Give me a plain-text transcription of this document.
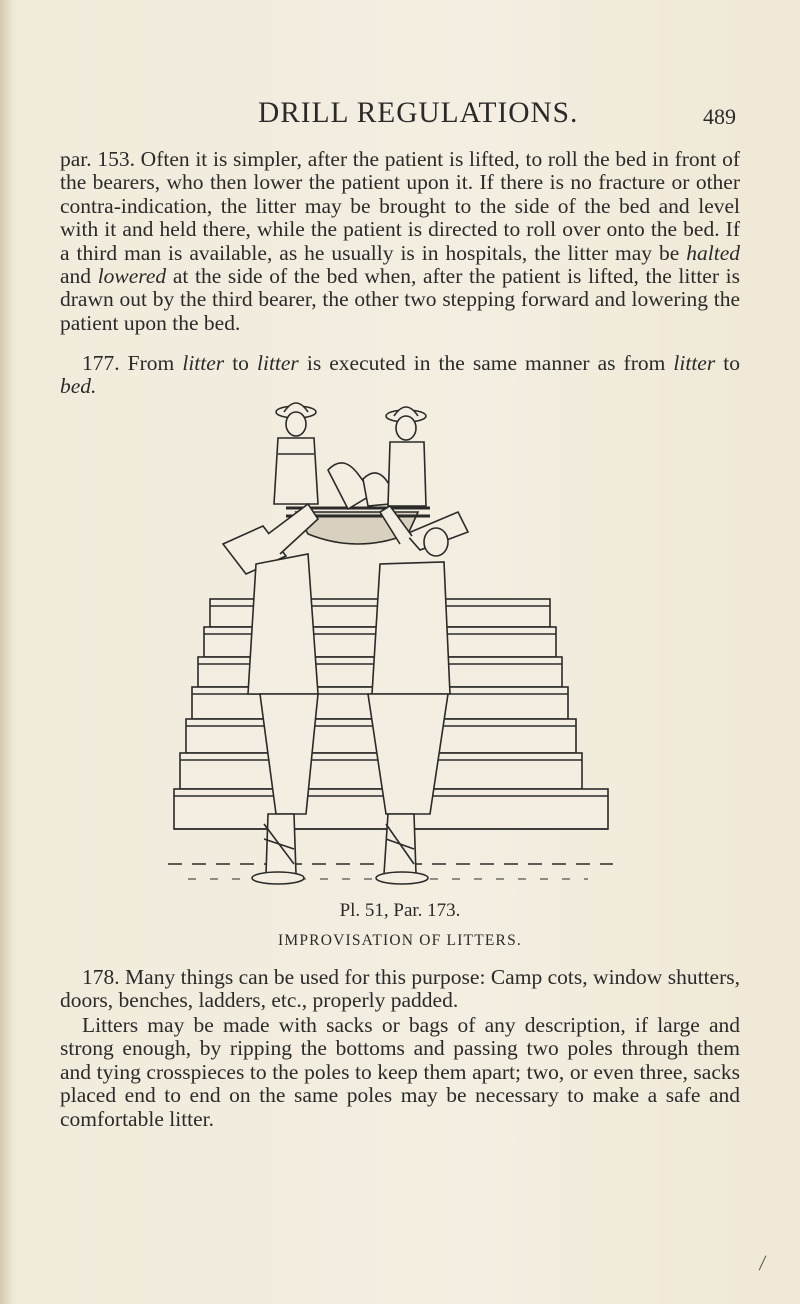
DRILL REGULATIONS.	489

par. 153. Often it is simpler, after the patient is lifted, to roll the bed in front of the bearers, who then lower the patient upon it. If there is no fracture or other contra-indication, the litter may be brought to the side of the bed and level with it and held there, while the patient is directed to roll over onto the bed. If a third man is available, as he usually is in hospitals, the litter may be halted and lowered at the side of the bed when, after the patient is lifted, the litter is drawn out by the third bearer, the other two stepping forward and lowering the patient upon the bed.

177. From litter to litter is executed in the same manner as from litter to bed.

Pl. 51, Par. 173.
IMPROVISATION OF LITTERS.

178. Many things can be used for this purpose: Camp cots, window shutters, doors, benches, ladders, etc., properly padded.

Litters may be made with sacks or bags of any description, if large and strong enough, by ripping the bottoms and passing two poles through them and tying crosspieces to the poles to keep them apart; two, or even three, sacks placed end to end on the same poles may be necessary to make a safe and comfortable litter.
